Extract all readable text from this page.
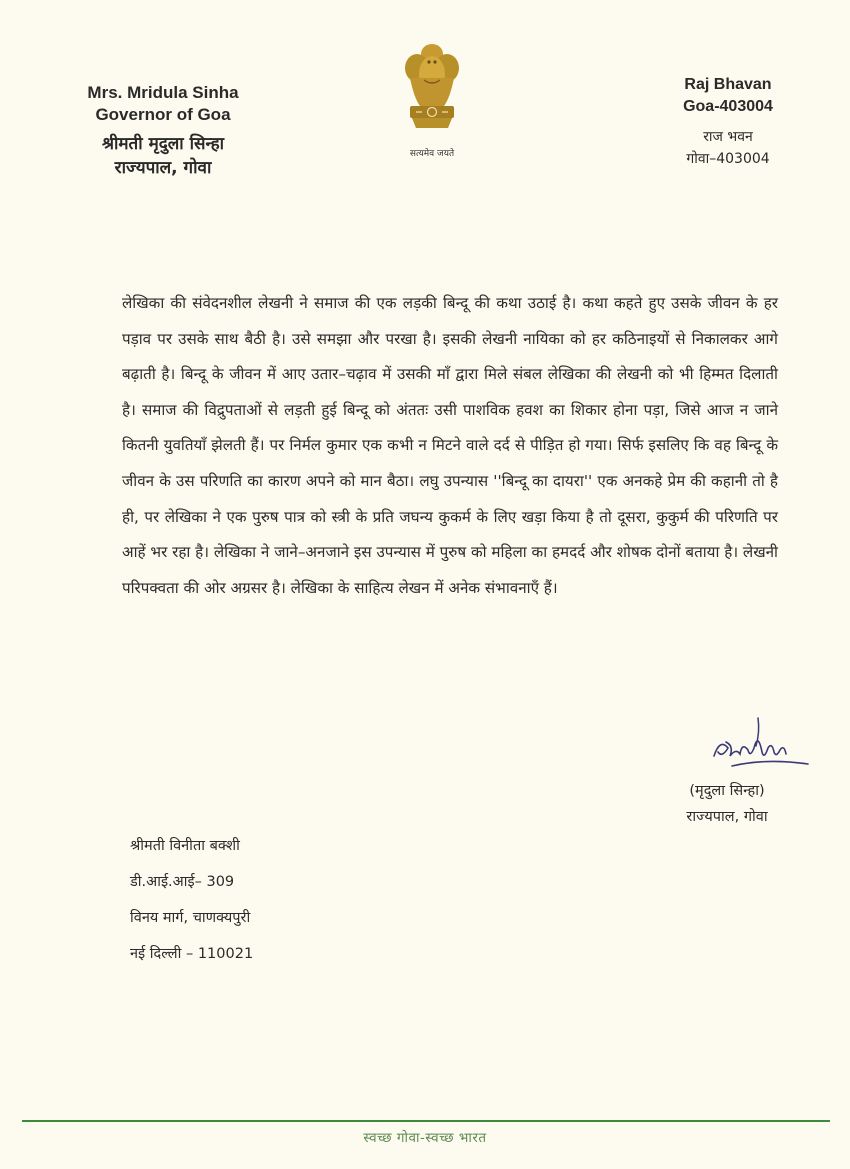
Mrs. Mridula Sinha
Governor of Goa
श्रीमती मृदुला सिन्हा
राज्यपाल, गोवा
सत्यमेव जयते
Raj Bhavan
Goa-403004
राज भवन
गोवा–403004
लेखिका की संवेदनशील लेखनी ने समाज की एक लड़की बिन्दू की कथा उठाई है। कथा कहते हुए उसके जीवन के हर पड़ाव पर उसके साथ बैठी है। उसे समझा और परखा है। इसकी लेखनी नायिका को हर कठिनाइयों से निकालकर आगे बढ़ाती है। बिन्दू के जीवन में आए उतार–चढ़ाव में उसकी माँ द्वारा मिले संबल लेखिका की लेखनी को भी हिम्मत दिलाती है। समाज की विद्रुपताओं से लड़ती हुई बिन्दू को अंततः उसी पाशविक हवश का शिकार होना पड़ा, जिसे आज न जाने कितनी युवतियाँ झेलती हैं। पर निर्मल कुमार एक कभी न मिटने वाले दर्द से पीड़ित हो गया। सिर्फ इसलिए कि वह बिन्दू के जीवन के उस परिणति का कारण अपने को मान बैठा। लघु उपन्यास ''बिन्दू का दायरा'' एक अनकहे प्रेम की कहानी तो है ही, पर लेखिका ने एक पुरुष पात्र को स्त्री के प्रति जघन्य कुकर्म के लिए खड़ा किया है तो दूसरा, कुकुर्म की परिणति पर आहें भर रहा है। लेखिका ने जाने–अनजाने इस उपन्यास में पुरुष को महिला का हमदर्द और शोषक दोनों बताया है। लेखनी परिपक्वता की ओर अग्रसर है। लेखिका के साहित्य लेखन में अनेक संभावनाएँ हैं।
(मृदुला सिन्हा)
राज्यपाल, गोवा
श्रीमती विनीता बक्शी
डी.आई.आई– 309
विनय मार्ग, चाणक्यपुरी
नई दिल्ली – 110021
स्वच्छ गोवा-स्वच्छ भारत
